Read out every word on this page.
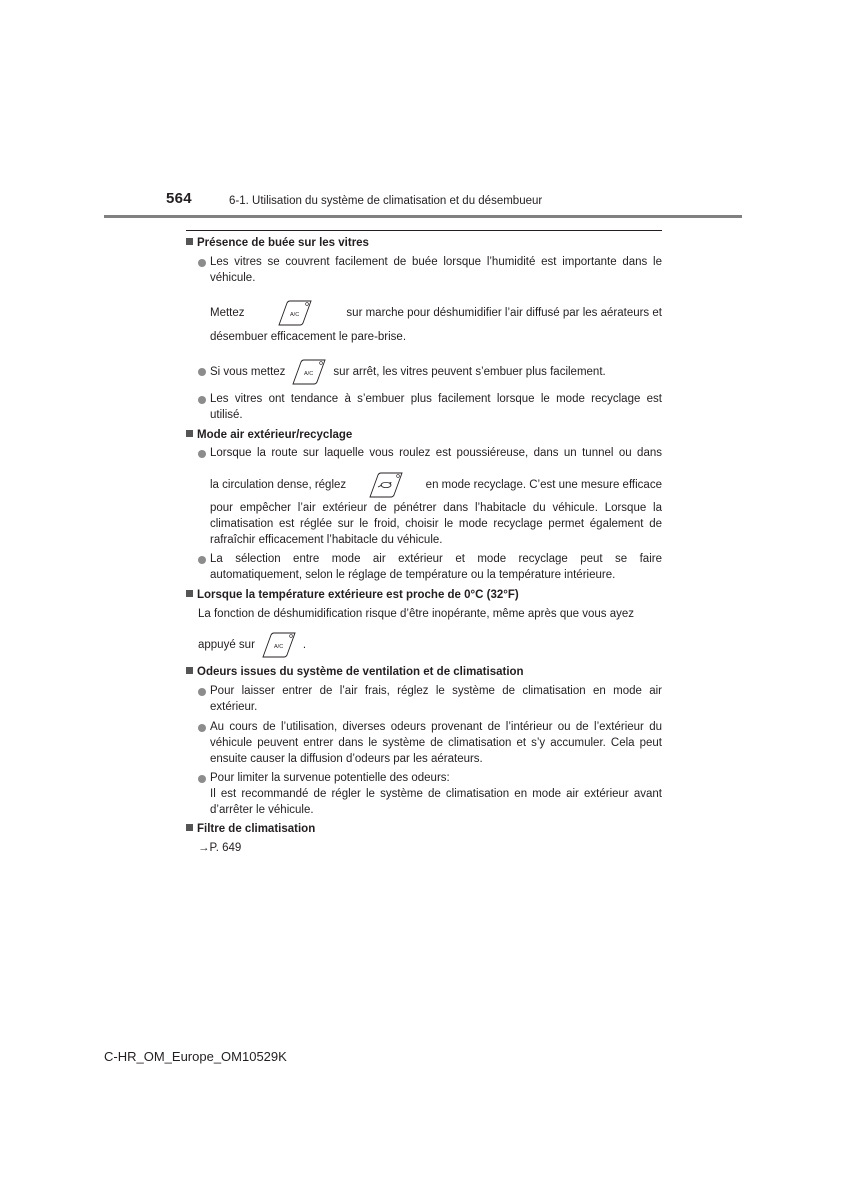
564	6-1. Utilisation du système de climatisation et du désembueur
Présence de buée sur les vitres
Les vitres se couvrent facilement de buée lorsque l’humidité est importante dans le
véhicule.
Mettez	A/C	sur marche pour déshumidifier l’air diffusé par les aérateurs et
désembuer efficacement le pare-brise.
Si vous mettez	A/C sur arrêt, les vitres peuvent s’embuer plus facilement.
Les vitres ont tendance à s’embuer plus facilement lorsque le mode recyclage est
utilisé.
Mode air extérieur/recyclage
Lorsque la route sur laquelle vous roulez est poussiéreuse, dans un tunnel ou dans
la circulation dense, réglez	en mode recyclage. C’est une mesure efficace
pour empêcher l’air extérieur de pénétrer dans l’habitacle du véhicule. Lorsque la
climatisation est réglée sur le froid, choisir le mode recyclage permet également de
rafraîchir efficacement l’habitacle du véhicule.
La sélection entre mode air extérieur et mode recyclage peut se faire
automatiquement, selon le réglage de température ou la température intérieure.
Lorsque la température extérieure est proche de 0°C (32°F)
La fonction de déshumidification risque d’être inopérante, même après que vous ayez
appuyé sur	A/C .
Odeurs issues du système de ventilation et de climatisation
Pour laisser entrer de l’air frais, réglez le système de climatisation en mode air
extérieur.
Au cours de l’utilisation, diverses odeurs provenant de l’intérieur ou de l’extérieur du
véhicule peuvent entrer dans le système de climatisation et s’y accumuler. Cela peut
ensuite causer la diffusion d’odeurs par les aérateurs.
Pour limiter la survenue potentielle des odeurs:
Il est recommandé de régler le système de climatisation en mode air extérieur avant
d’arrêter le véhicule.
Filtre de climatisation
→P. 649
C-HR_OM_Europe_OM10529K
